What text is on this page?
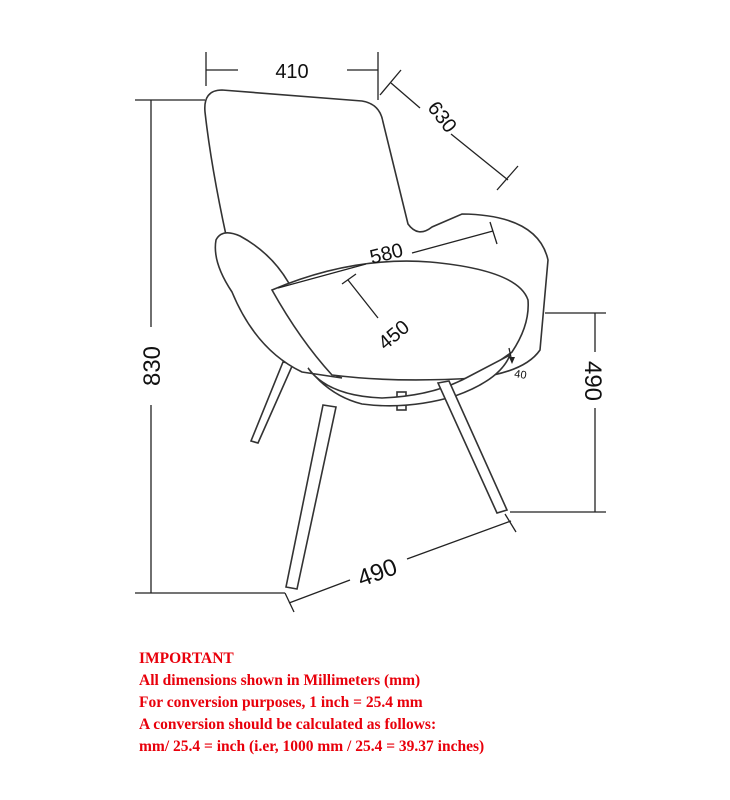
410
630
580
450
40
830	490
490
IMPORTANT
All dimensions shown in Millimeters (mm)
For conversion purposes, 1 inch = 25.4 mm
A conversion should be calculated as follows:
mm/ 25.4 = inch (i.er, 1000 mm / 25.4 = 39.37 inches)
